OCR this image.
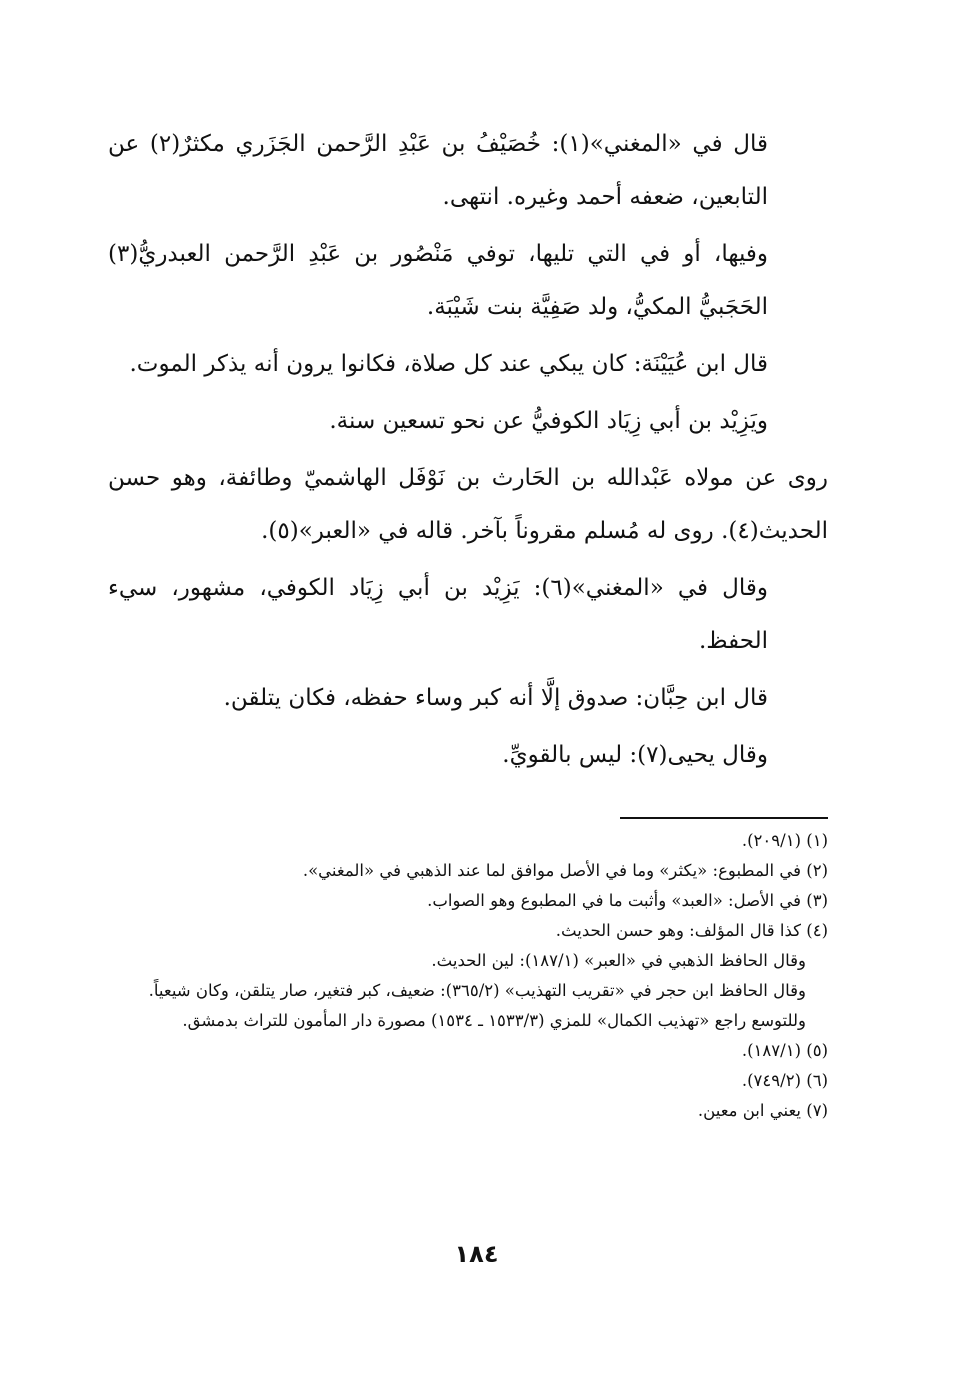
قال في «المغني»(١): خُصَيْفُ بن عَبْدِ الرَّحمن الجَزَري مكثرٌ(٢) عن التابعين، ضعفه أحمد وغيره. انتهى.

وفيها، أو في التي تليها، توفي مَنْصُور بن عَبْدِ الرَّحمن العبدريُّ(٣) الحَجَبيُّ المكيُّ، ولد صَفِيَّة بنت شَيْبَة.

قال ابن عُيَيْنَة: كان يبكي عند كل صلاة، فكانوا يرون أنه يذكر الموت.

ويَزِيْد بن أبي زِيَاد الكوفيُّ عن نحو تسعين سنة.

روى عن مولاه عَبْدالله بن الحَارث بن نَوْفَل الهاشميّ وطائفة، وهو حسن الحديث(٤). روى له مُسلم مقروناً بآخر. قاله في «العبر»(٥).

وقال في «المغني»(٦): يَزِيْد بن أبي زِيَاد الكوفي، مشهور، سيء الحفظ.

قال ابن حِبَّان: صدوق إلَّا أنه كبر وساء حفظه، فكان يتلقن.

وقال يحيى(٧): ليس بالقويِّ.

(١) (٢٠٩/١).

(٢) في المطبوع: «يكثر» وما في الأصل موافق لما عند الذهبي في «المغني».

(٣) في الأصل: «العبد» وأثبت ما في المطبوع وهو الصواب.

(٤) كذا قال المؤلف: وهو حسن الحديث.

وقال الحافظ الذهبي في «العبر» (١٨٧/١): لين الحديث.

وقال الحافظ ابن حجر في «تقريب التهذيب» (٣٦٥/٢): ضعيف، كبر فتغير، صار يتلقن، وكان شيعياً.

وللتوسع راجع «تهذيب الكمال» للمزي (١٥٣٣/٣ ـ ١٥٣٤) مصورة دار المأمون للتراث بدمشق.

(٥) (١٨٧/١).

(٦) (٧٤٩/٢).

(٧) يعني ابن معين.

١٨٤
